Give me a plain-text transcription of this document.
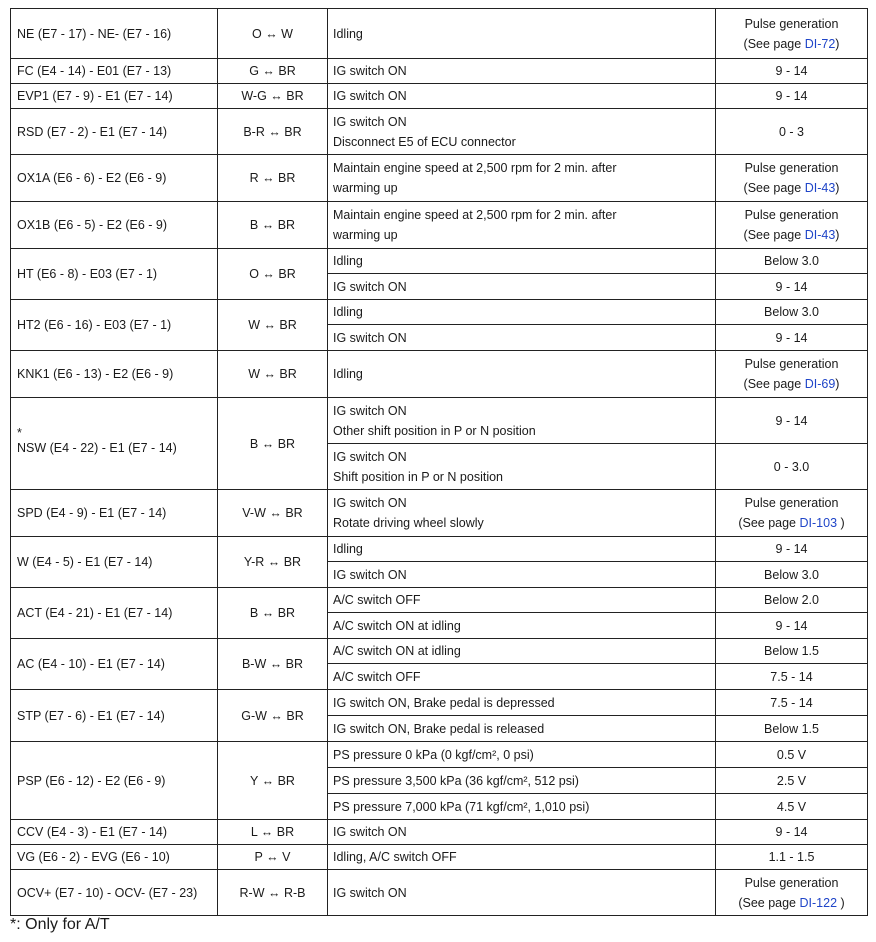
NE (E7 - 17) - NE- (E7 - 16)	O ↔ W	Idling	Pulse generation
(See page DI-72)

FC (E4 - 14) - E01 (E7 - 13)	G ↔ BR	IG switch ON	9 - 14

EVP1 (E7 - 9) - E1 (E7 - 14)	W-G ↔ BR	IG switch ON	9 - 14

RSD (E7 - 2) - E1 (E7 - 14)	B-R ↔ BR	IG switch ON
Disconnect E5 of ECU connector	0 - 3

OX1A (E6 - 6) - E2 (E6 - 9)	R ↔ BR	Maintain engine speed at 2,500 rpm for 2 min. after
warming up	Pulse generation
(See page DI-43)

OX1B (E6 - 5) - E2 (E6 - 9)	B ↔ BR	Maintain engine speed at 2,500 rpm for 2 min. after
warming up	Pulse generation
(See page DI-43)

HT (E6 - 8) - E03 (E7 - 1)	O ↔ BR	Idling	Below 3.0

		IG switch ON	9 - 14

HT2 (E6 - 16) - E03 (E7 - 1)	W ↔ BR	Idling	Below 3.0

		IG switch ON	9 - 14

KNK1 (E6 - 13) - E2 (E6 - 9)	W ↔ BR	Idling	Pulse generation
(See page DI-69)

*
NSW (E4 - 22) - E1 (E7 - 14)	B ↔ BR	IG switch ON
Other shift position in P or N position	9 - 14

		IG switch ON
Shift position in P or N position	0 - 3.0

SPD (E4 - 9) - E1 (E7 - 14)	V-W ↔ BR	IG switch ON
Rotate driving wheel slowly	Pulse generation
(See page DI-103 )

W (E4 - 5) - E1 (E7 - 14)	Y-R ↔ BR	Idling	9 - 14

		IG switch ON	Below 3.0

ACT (E4 - 21) - E1 (E7 - 14)	B ↔ BR	A/C switch OFF	Below 2.0

		A/C switch ON at idling	9 - 14

AC (E4 - 10) - E1 (E7 - 14)	B-W ↔ BR	A/C switch ON at idling	Below 1.5

		A/C switch OFF	7.5 - 14

STP (E7 - 6) - E1 (E7 - 14)	G-W ↔ BR	IG switch ON, Brake pedal is depressed	7.5 - 14

		IG switch ON, Brake pedal is released	Below 1.5

PSP (E6 - 12) - E2 (E6 - 9)	Y ↔ BR	PS pressure 0 kPa (0 kgf/cm², 0 psi)	0.5 V

		PS pressure 3,500 kPa (36 kgf/cm², 512 psi)	2.5 V

		PS pressure 7,000 kPa (71 kgf/cm², 1,010 psi)	4.5 V

CCV (E4 - 3) - E1 (E7 - 14)	L ↔ BR	IG switch ON	9 - 14

VG (E6 - 2) - EVG (E6 - 10)	P ↔ V	Idling, A/C switch OFF	1.1 - 1.5

OCV+ (E7 - 10) - OCV- (E7 - 23)	R-W ↔ R-B	IG switch ON	Pulse generation
(See page DI-122 )
*: Only for A/T
